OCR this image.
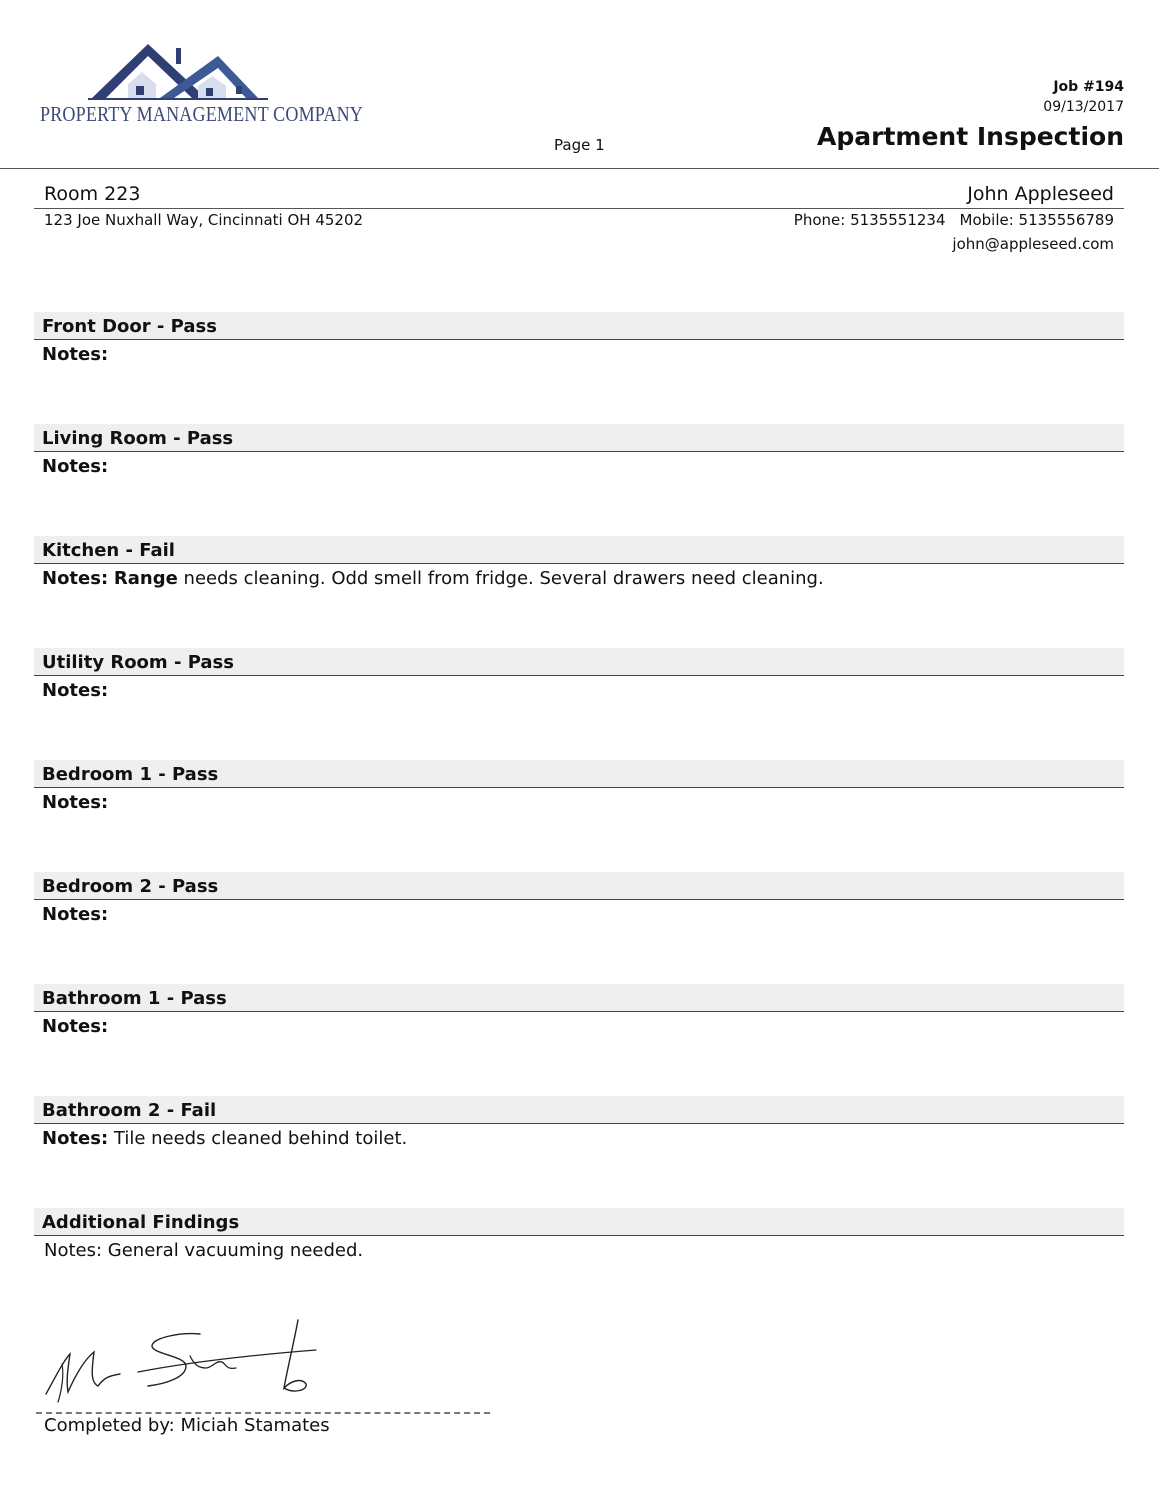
PROPERTY MANAGEMENT COMPANY
Page 1
Job #194
09/13/2017
Apartment Inspection
Room 223	John Appleseed
123 Joe Nuxhall Way, Cincinnati OH 45202	Phone: 5135551234 Mobile: 5135556789
john@appleseed.com
Front Door - Pass
Notes:
Living Room - Pass
Notes:
Kitchen - Fail
Notes: Range needs cleaning. Odd smell from fridge. Several drawers need cleaning.
Utility Room - Pass
Notes:
Bedroom 1 - Pass
Notes:
Bedroom 2 - Pass
Notes:
Bathroom 1 - Pass
Notes:
Bathroom 2 - Fail
Notes: Tile needs cleaned behind toilet.
Additional Findings
Notes: General vacuuming needed.
Completed by: Miciah Stamates
